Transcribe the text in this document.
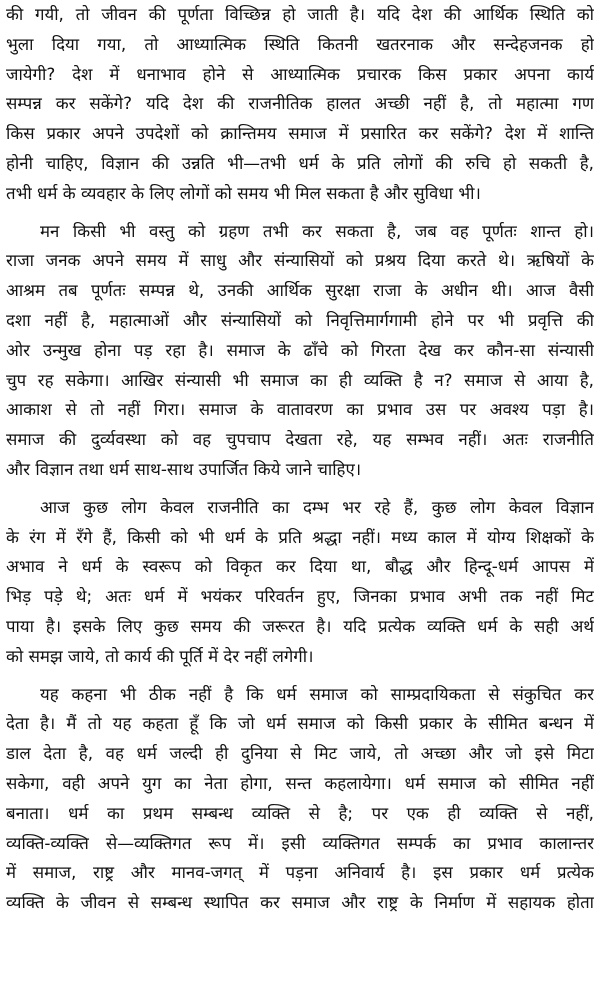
की गयी, तो जीवन की पूर्णता विच्छिन्न हो जाती है। यदि देश की आर्थिक स्थिति को
भुला दिया गया, तो आध्यात्मिक स्थिति कितनी खतरनाक और सन्देहजनक हो
जायेगी? देश में धनाभाव होने से आध्यात्मिक प्रचारक किस प्रकार अपना कार्य
सम्पन्न कर सकेंगे? यदि देश की राजनीतिक हालत अच्छी नहीं है, तो महात्मा गण
किस प्रकार अपने उपदेशों को क्रान्तिमय समाज में प्रसारित कर सकेंगे? देश में शान्ति
होनी चाहिए, विज्ञान की उन्नति भी—तभी धर्म के प्रति लोगों की रुचि हो सकती है,
तभी धर्म के व्यवहार के लिए लोगों को समय भी मिल सकता है और सुविधा भी।
मन किसी भी वस्तु को ग्रहण तभी कर सकता है, जब वह पूर्णतः शान्त हो।
राजा जनक अपने समय में साधु और संन्यासियों को प्रश्रय दिया करते थे। ऋषियों के
आश्रम तब पूर्णतः सम्पन्न थे, उनकी आर्थिक सुरक्षा राजा के अधीन थी। आज वैसी
दशा नहीं है, महात्माओं और संन्यासियों को निवृत्तिमार्गगामी होने पर भी प्रवृत्ति की
ओर उन्मुख होना पड़ रहा है। समाज के ढाँचे को गिरता देख कर कौन-सा संन्यासी
चुप रह सकेगा। आखिर संन्यासी भी समाज का ही व्यक्ति है न? समाज से आया है,
आकाश से तो नहीं गिरा। समाज के वातावरण का प्रभाव उस पर अवश्य पड़ा है।
समाज की दुर्व्यवस्था को वह चुपचाप देखता रहे, यह सम्भव नहीं। अतः राजनीति
और विज्ञान तथा धर्म साथ-साथ उपार्जित किये जाने चाहिए।
आज कुछ लोग केवल राजनीति का दम्भ भर रहे हैं, कुछ लोग केवल विज्ञान
के रंग में रँगे हैं, किसी को भी धर्म के प्रति श्रद्धा नहीं। मध्य काल में योग्य शिक्षकों के
अभाव ने धर्म के स्वरूप को विकृत कर दिया था, बौद्ध और हिन्दू-धर्म आपस में
भिड़ पड़े थे; अतः धर्म में भयंकर परिवर्तन हुए, जिनका प्रभाव अभी तक नहीं मिट
पाया है। इसके लिए कुछ समय की जरूरत है। यदि प्रत्येक व्यक्ति धर्म के सही अर्थ
को समझ जाये, तो कार्य की पूर्ति में देर नहीं लगेगी।
यह कहना भी ठीक नहीं है कि धर्म समाज को साम्प्रदायिकता से संकुचित कर
देता है। मैं तो यह कहता हूँ कि जो धर्म समाज को किसी प्रकार के सीमित बन्धन में
डाल देता है, वह धर्म जल्दी ही दुनिया से मिट जाये, तो अच्छा और जो इसे मिटा
सकेगा, वही अपने युग का नेता होगा, सन्त कहलायेगा। धर्म समाज को सीमित नहीं
बनाता। धर्म का प्रथम सम्बन्ध व्यक्ति से है; पर एक ही व्यक्ति से नहीं,
व्यक्ति-व्यक्ति से—व्यक्तिगत रूप में। इसी व्यक्तिगत सम्पर्क का प्रभाव कालान्तर
में समाज, राष्ट्र और मानव-जगत् में पड़ना अनिवार्य है। इस प्रकार धर्म प्रत्येक
व्यक्ति के जीवन से सम्बन्ध स्थापित कर समाज और राष्ट्र के निर्माण में सहायक होता
